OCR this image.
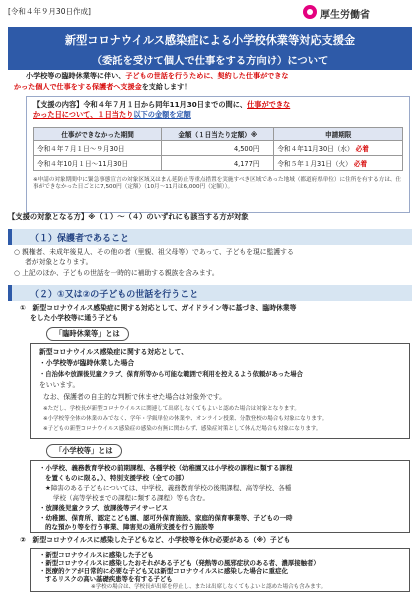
[令和４年９月30日作成]	厚生労働省
新型コロナウイルス感染症による小学校休業等対応支援金
（委託を受けて個人で仕事をする方向け）について
小学校等の臨時休業等に伴い、子どもの世話を行うために、契約した仕事ができな
かった個人で仕事をする保護者へ支援金を支給します！
【支援の内容】令和４年７月１日から同年11月30日までの間に、仕事ができな
かった日について、１日当たり以下の金額を定額
仕事ができなかった期間	金額（１日当たり定額）※	申請期限
令和４年７月１日～９月30日	4,500円	令和４年11月30日（水） 必着
令和４年10月１日～11月30日	4,177円	令和５年１月31日（火） 必着
※申請の対象期間中に緊急事態宣言の対象区域又はまん延防止等重点措置を実施すべき区域であった地域（都道府県単位）に住所を有する方は、仕事ができなかった日ごとに7,500円（定額）（10月～11月は6,000円（定額））。
【支援の対象となる方】※（１）～（４）のいずれにも該当する方が対象
（１）保護者であること
○ 親権者、未成年後見人、その他の者（里親、祖父母等）であって、子どもを現に監護する
者が対象となります。
○ 上記のほか、子どもの世話を一時的に補助する親族を含みます。
（２）①又は②の子どもの世話を行うこと
①　新型コロナウイルス感染症に関する対応として、ガイドライン等に基づき、臨時休業等
をした小学校等に通う子ども
「臨時休業等」とは
新型コロナウイルス感染症に関する対応として、
・小学校等が臨時休業した場合
・自治体や放課後児童クラブ、保育所等から可能な範囲で利用を控えるよう依頼があった場合
をいいます。
なお、保護者の自主的な判断で休ませた場合は対象外です。
※ただし、学校長が新型コロナウイルスに関連して出席しなくてもよいと認めた場合は対象となります。
※小学校等全体の休業のみでなく、学年・学級単位の休業や、オンライン授業、分散登校の場合も対象になります。
※子どもの新型コロナウイルス感染症の感染の有無に関わらず、感染症対策として休んだ場合も対象になります。
「小学校等」とは
・小学校、義務教育学校の前期課程、各種学校（幼稚園又は小学校の課程に類する課程
を置くものに限る。）、特別支援学校（全ての部）
★障害のある子どもについては、中学校、義務教育学校の後期課程、高等学校、各種
学校（高等学校までの課程に類する課程）等も含む。
・放課後児童クラブ、放課後等デイサービス
・幼稚園、保育所、認定こども園、認可外保育施設、家庭的保育事業等、子どもの一時
的な預かり等を行う事業、障害児の通所支援を行う施設等
②　新型コロナウイルスに感染した子どもなど、小学校等を休む必要がある（※）子ども
・新型コロナウイルスに感染した子ども
・新型コロナウイルスに感染したおそれがある子ども（発熱等の風邪症状のある者、濃厚接触者）
・医療的ケアが日常的に必要な子ども又は新型コロナウイルスに感染した場合に重症化
するリスクの高い基礎疾患等を有する子ども
※学校の場合は、学校長が出席を停止し、または出席しなくてもよいと認めた場合も含みます。
